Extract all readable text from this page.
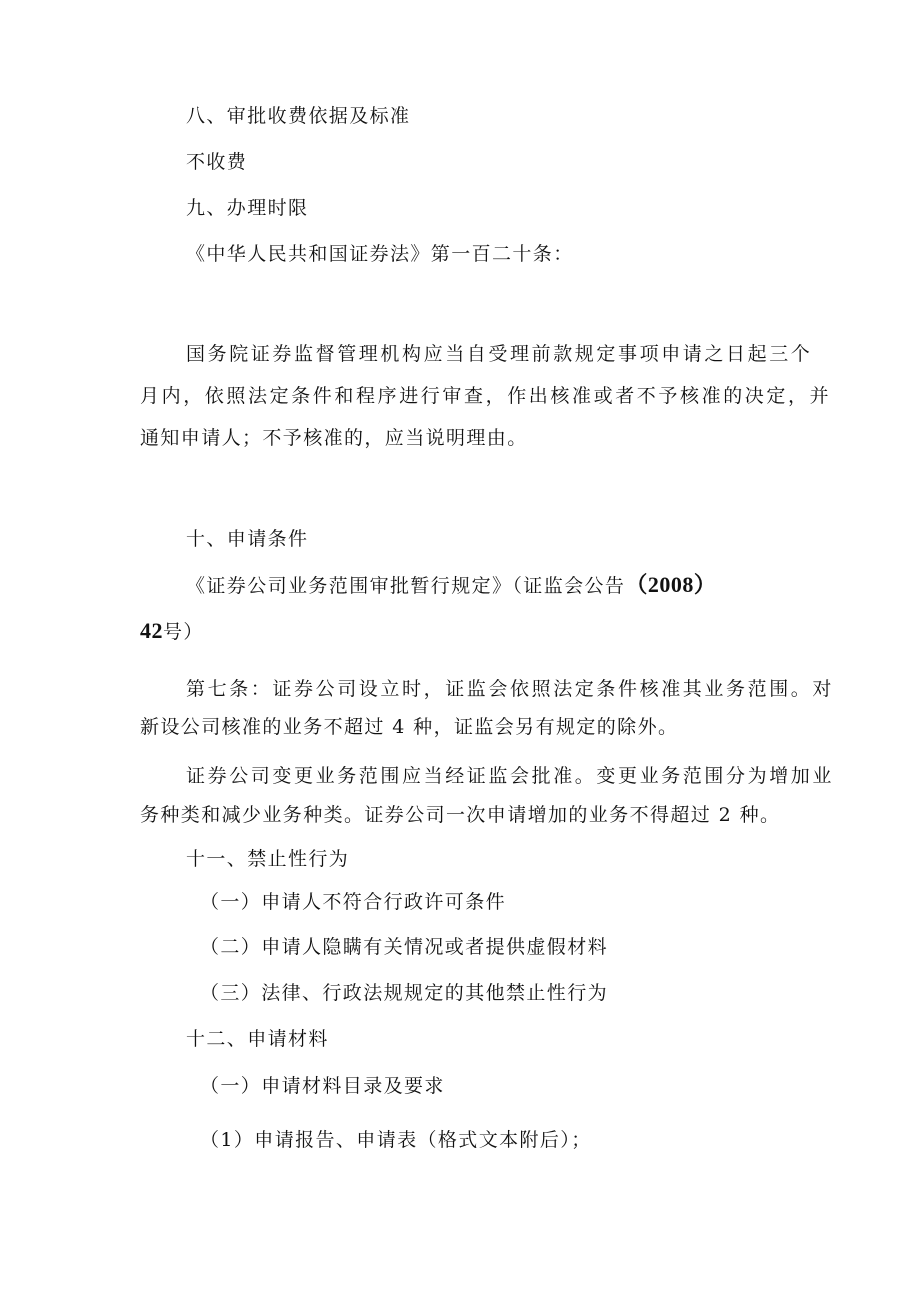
八、审批收费依据及标准
不收费
九、办理时限
《中华人民共和国证券法》第一百二十条：
国务院证券监督管理机构应当自受理前款规定事项申请之日起三个
月内，依照法定条件和程序进行审查，作出核准或者不予核准的决定，并
通知申请人；不予核准的，应当说明理由。
十、申请条件
《证券公司业务范围审批暂行规定》（证监会公告（2008）
42号）
第七条：证券公司设立时，证监会依照法定条件核准其业务范围。对
新设公司核准的业务不超过 4 种，证监会另有规定的除外。
证券公司变更业务范围应当经证监会批准。变更业务范围分为增加业
务种类和减少业务种类。证券公司一次申请增加的业务不得超过 2 种。
十一、禁止性行为
（一）申请人不符合行政许可条件
（二）申请人隐瞒有关情况或者提供虚假材料
（三）法律、行政法规规定的其他禁止性行为
十二、申请材料
（一）申请材料目录及要求
（1）申请报告、申请表（格式文本附后）；
